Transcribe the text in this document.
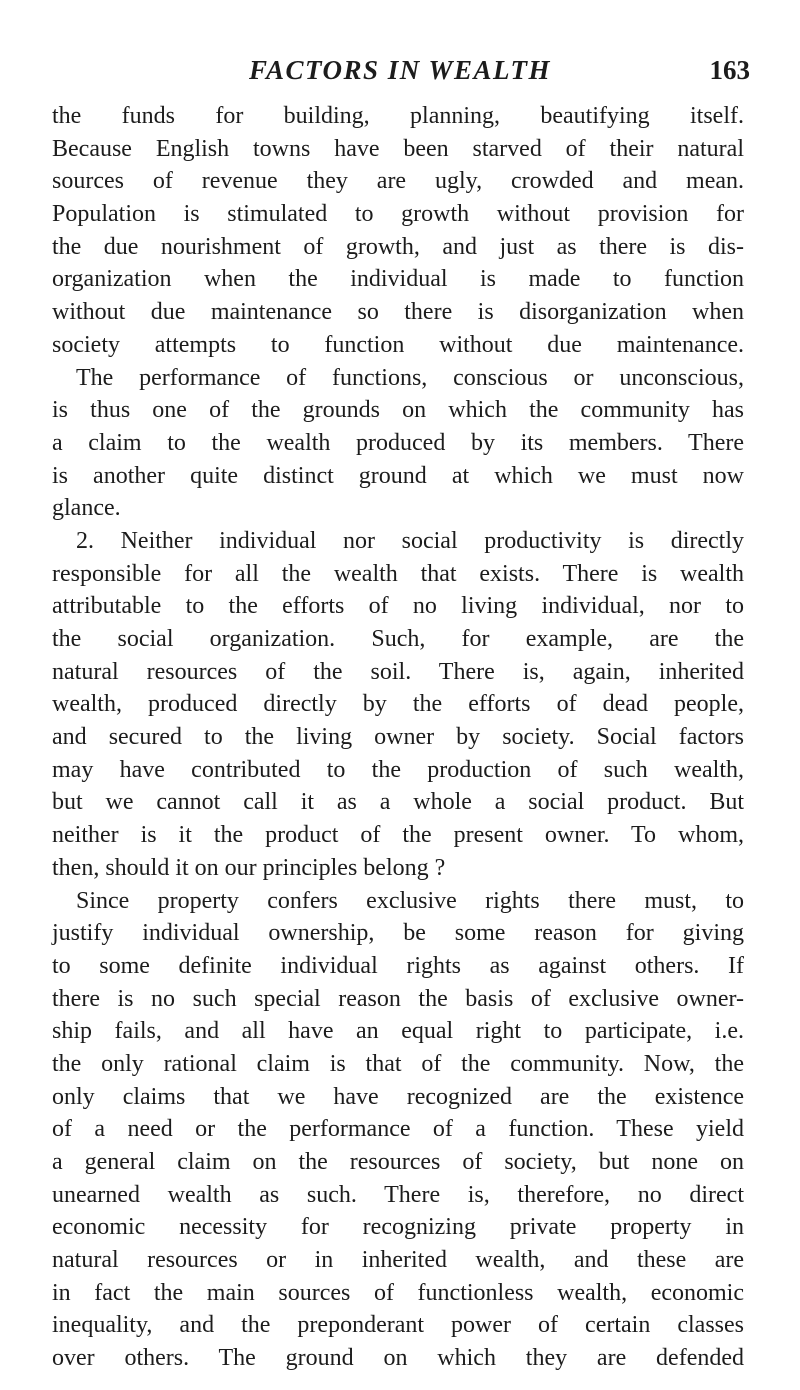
FACTORS IN WEALTH	163
the funds for building, planning, beautifying itself.
Because English towns have been starved of their natural
sources of revenue they are ugly, crowded and mean.
Population is stimulated to growth without provision for
the due nourishment of growth, and just as there is dis-
organization when the individual is made to function
without due maintenance so there is disorganization when
society attempts to function without due maintenance.
The performance of functions, conscious or unconscious,
is thus one of the grounds on which the community has
a claim to the wealth produced by its members. There
is another quite distinct ground at which we must now
glance.
2. Neither individual nor social productivity is directly
responsible for all the wealth that exists. There is wealth
attributable to the efforts of no living individual, nor to
the social organization. Such, for example, are the
natural resources of the soil. There is, again, inherited
wealth, produced directly by the efforts of dead people,
and secured to the living owner by society. Social factors
may have contributed to the production of such wealth,
but we cannot call it as a whole a social product. But
neither is it the product of the present owner. To whom,
then, should it on our principles belong ?
Since property confers exclusive rights there must, to
justify individual ownership, be some reason for giving
to some definite individual rights as against others. If
there is no such special reason the basis of exclusive owner-
ship fails, and all have an equal right to participate, i.e.
the only rational claim is that of the community. Now, the
only claims that we have recognized are the existence
of a need or the performance of a function. These yield
a general claim on the resources of society, but none on
unearned wealth as such. There is, therefore, no direct
economic necessity for recognizing private property in
natural resources or in inherited wealth, and these are
in fact the main sources of functionless wealth, economic
inequality, and the preponderant power of certain classes
over others. The ground on which they are defended
